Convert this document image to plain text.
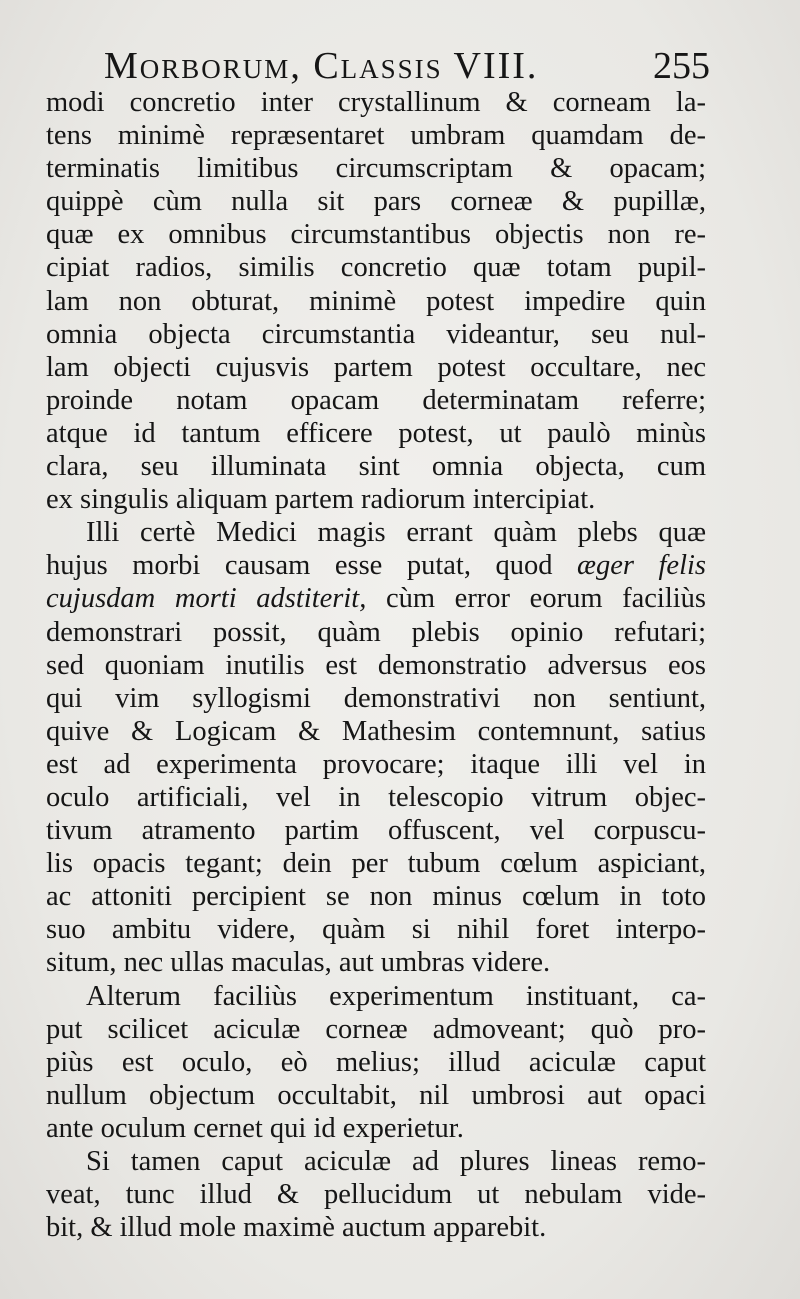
Morborum, Classis VIII.	255
modi concretio inter crystallinum & corneam la-
tens minimè repræsentaret umbram quamdam de-
terminatis limitibus circumscriptam & opacam;
quippè cùm nulla sit pars corneæ & pupillæ,
quæ ex omnibus circumstantibus objectis non re-
cipiat radios, similis concretio quæ totam pupil-
lam non obturat, minimè potest impedire quin
omnia objecta circumstantia videantur, seu nul-
lam objecti cujusvis partem potest occultare, nec
proinde notam opacam determinatam referre;
atque id tantum efficere potest, ut paulò minùs
clara, seu illuminata sint omnia objecta, cum
ex singulis aliquam partem radiorum intercipiat.
Illi certè Medici magis errant quàm plebs quæ
hujus morbi causam esse putat, quod æger felis
cujusdam morti adstiterit, cùm error eorum faciliùs
demonstrari possit, quàm plebis opinio refutari;
sed quoniam inutilis est demonstratio adversus eos
qui vim syllogismi demonstrativi non sentiunt,
quive & Logicam & Mathesim contemnunt, satius
est ad experimenta provocare; itaque illi vel in
oculo artificiali, vel in telescopio vitrum objec-
tivum atramento partim offuscent, vel corpuscu-
lis opacis tegant; dein per tubum cœlum aspiciant,
ac attoniti percipient se non minus cœlum in toto
suo ambitu videre, quàm si nihil foret interpo-
situm, nec ullas maculas, aut umbras videre.
Alterum faciliùs experimentum instituant, ca-
put scilicet aciculæ corneæ admoveant; quò pro-
piùs est oculo, eò melius; illud aciculæ caput
nullum objectum occultabit, nil umbrosi aut opaci
ante oculum cernet qui id experietur.
Si tamen caput aciculæ ad plures lineas remo-
veat, tunc illud & pellucidum ut nebulam vide-
bit, & illud mole maximè auctum apparebit.
